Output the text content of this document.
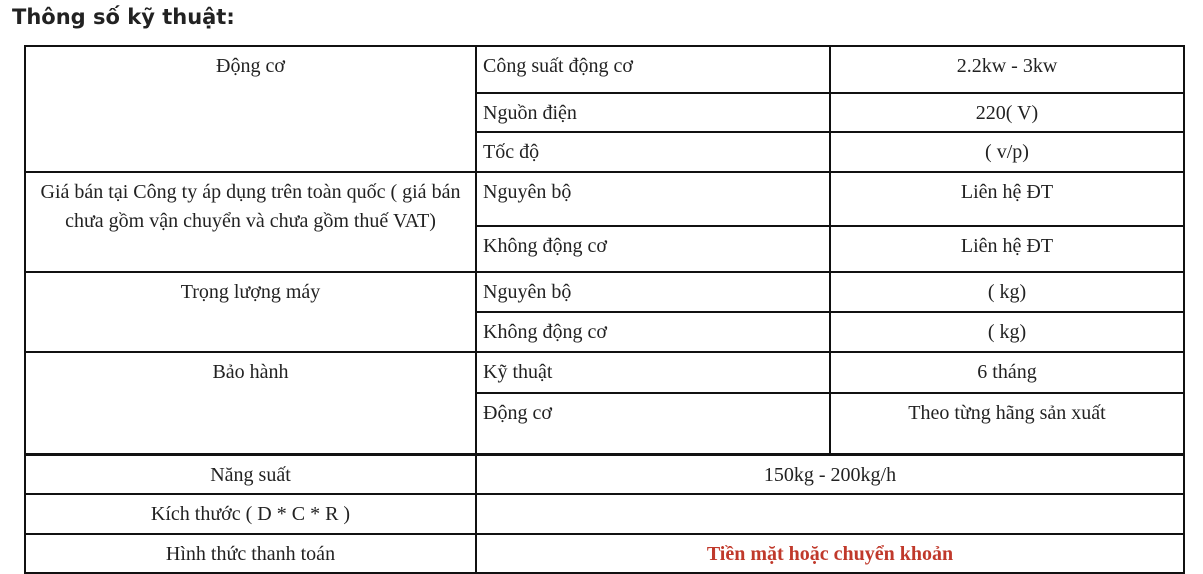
Thông số kỹ thuật:
Động cơ	Công suất động cơ	2.2kw - 3kw
	Nguồn điện	220( V)
	Tốc độ	( v/p)
Giá bán tại Công ty áp dụng trên toàn quốc ( giá bán chưa gồm vận chuyển và chưa gồm thuế VAT)	Nguyên bộ	Liên hệ ĐT
	Không động cơ	Liên hệ ĐT
Trọng lượng máy	Nguyên bộ	( kg)
	Không động cơ	( kg)
Bảo hành	Kỹ thuật	6 tháng
	Động cơ	Theo từng hãng sản xuất
Năng suất	150kg - 200kg/h	
Kích thước ( D * C * R )		
Hình thức thanh toán	Tiền mặt hoặc chuyển khoản	
